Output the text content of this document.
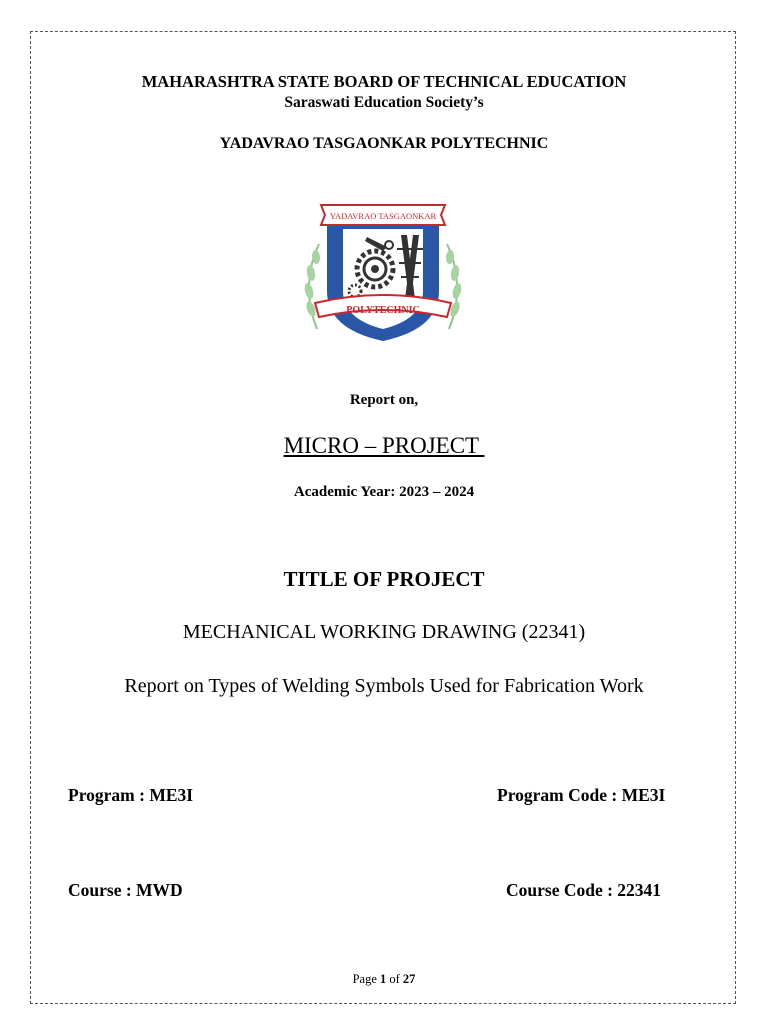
MAHARASHTRA STATE BOARD OF TECHNICAL EDUCATION
Saraswati Education Society’s
YADAVRAO TASGAONKAR POLYTECHNIC
YADAVRAO TASGAONKAR
POLYTECHNIC
Report on,
MICRO – PROJECT
Academic Year: 2023 – 2024
TITLE OF PROJECT
MECHANICAL WORKING DRAWING (22341)
Report on Types of Welding Symbols Used for Fabrication Work
Program : ME3I	Program Code : ME3I
Course : MWD	Course Code : 22341
Page 1 of 27
